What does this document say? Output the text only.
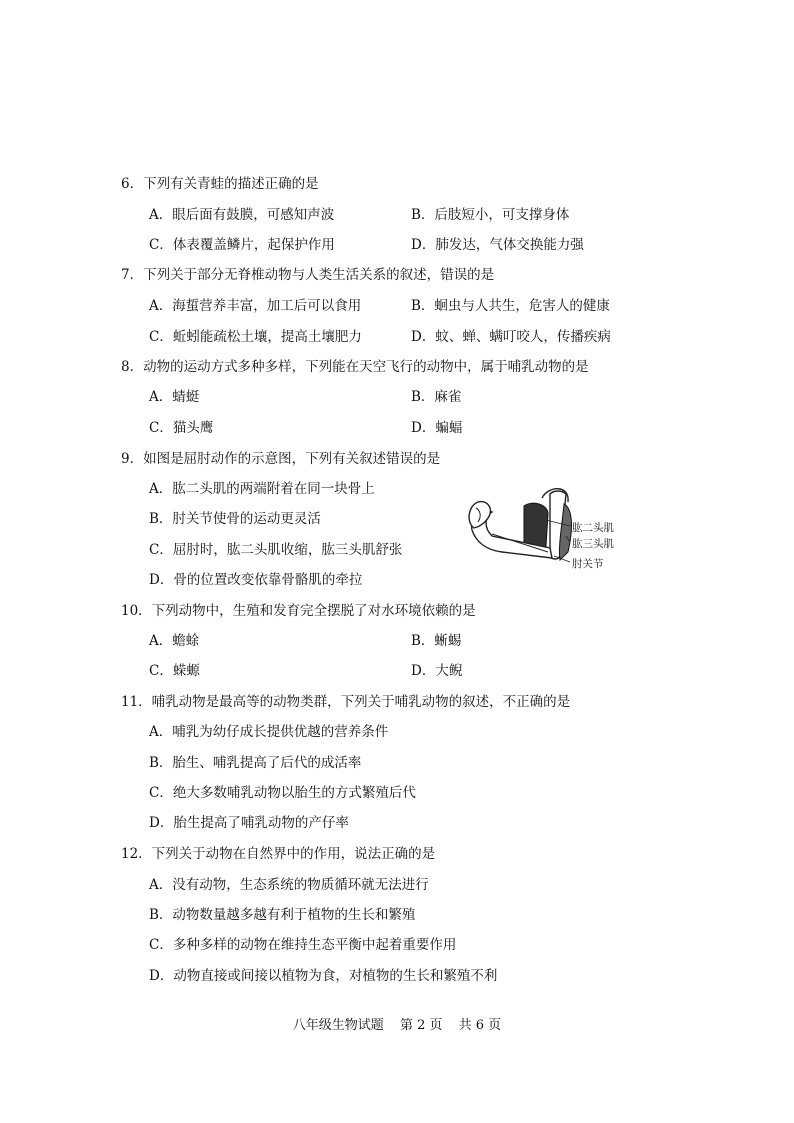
6．下列有关青蛙的描述正确的是
A．眼后面有鼓膜，可感知声波	B．后肢短小，可支撑身体
C．体表覆盖鳞片，起保护作用	D．肺发达，气体交换能力强
7．下列关于部分无脊椎动物与人类生活关系的叙述，错误的是
A．海蜇营养丰富，加工后可以食用	B．蛔虫与人共生，危害人的健康
C．蚯蚓能疏松土壤，提高土壤肥力	D．蚊、蝉、螨叮咬人，传播疾病
8．动物的运动方式多种多样，下列能在天空飞行的动物中，属于哺乳动物的是
A．蜻蜓	B．麻雀
C．猫头鹰	D．蝙蝠
9．如图是屈肘动作的示意图，下列有关叙述错误的是
A．肱二头肌的两端附着在同一块骨上
B．肘关节使骨的运动更灵活
C．屈肘时，肱二头肌收缩，肱三头肌舒张
D．骨的位置改变依靠骨骼肌的牵拉
肱二头肌
肱三头肌
肘关节
10．下列动物中，生殖和发育完全摆脱了对水环境依赖的是
A．蟾蜍	B．蜥蜴
C．蝾螈	D．大鲵
11．哺乳动物是最高等的动物类群，下列关于哺乳动物的叙述，不正确的是
A．哺乳为幼仔成长提供优越的营养条件
B．胎生、哺乳提高了后代的成活率
C．绝大多数哺乳动物以胎生的方式繁殖后代
D．胎生提高了哺乳动物的产仔率
12．下列关于动物在自然界中的作用，说法正确的是
A．没有动物，生态系统的物质循环就无法进行
B．动物数量越多越有利于植物的生长和繁殖
C．多种多样的动物在维持生态平衡中起着重要作用
D．动物直接或间接以植物为食，对植物的生长和繁殖不利
八年级生物试题 第 2 页 共 6 页
